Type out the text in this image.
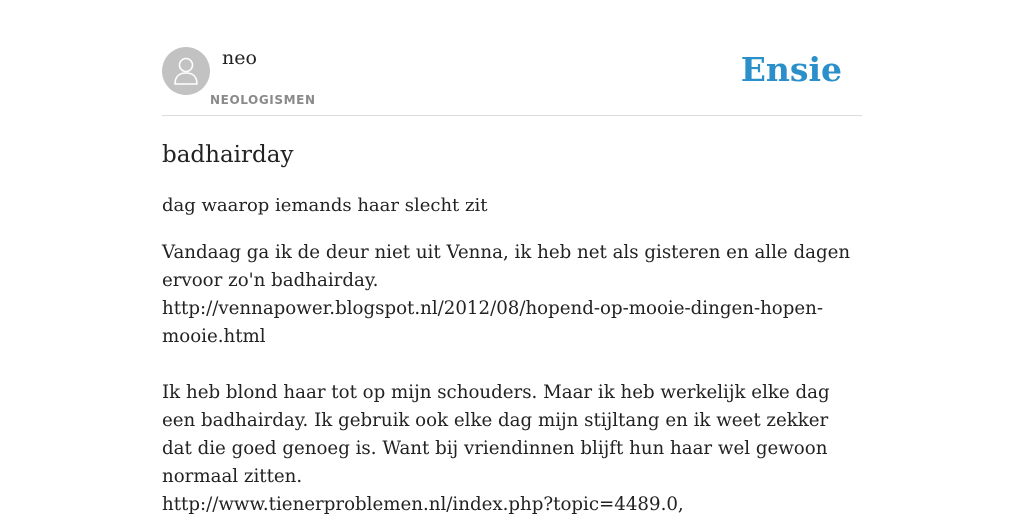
neo
NEOLOGISMEN
Ensie
badhairday
dag waarop iemands haar slecht zit

Vandaag ga ik de deur niet uit Venna, ik heb net als gisteren en alle dagen ervoor zo'n badhairday.
http://vennapower.blogspot.nl/2012/08/hopend-op-mooie-dingen-hopen-mooie.html

Ik heb blond haar tot op mijn schouders. Maar ik heb werkelijk elke dag een badhairday. Ik gebruik ook elke dag mijn stijltang en ik weet zekker dat die goed genoeg is. Want bij vriendinnen blijft hun haar wel gewoon normaal zitten.
http://www.tienerproblemen.nl/index.php?topic=4489.0,
